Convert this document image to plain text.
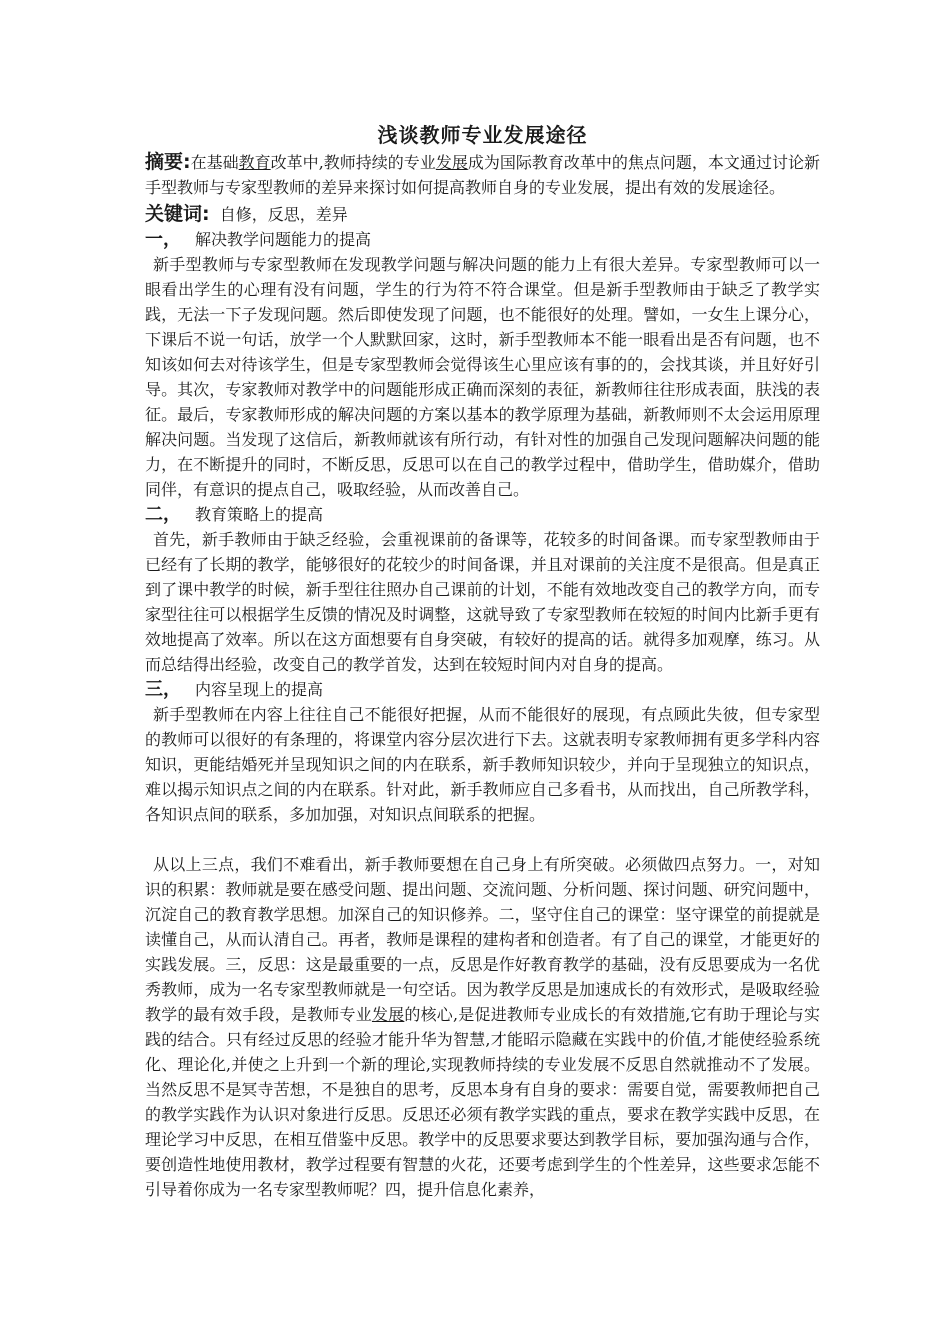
浅谈教师专业发展途径

摘要:在基础教育改革中,教师持续的专业发展成为国际教育改革中的焦点问题，本文通过讨论新手型教师与专家型教师的差异来探讨如何提高教师自身的专业发展，提出有效的发展途径。

关键词: 自修，反思，差异

一， 解决教学问题能力的提高

新手型教师与专家型教师在发现教学问题与解决问题的能力上有很大差异。专家型教师可以一眼看出学生的心理有没有问题，学生的行为符不符合课堂。但是新手型教师由于缺乏了教学实践，无法一下子发现问题。然后即使发现了问题，也不能很好的处理。譬如，一女生上课分心，下课后不说一句话，放学一个人默默回家，这时，新手型教师本不能一眼看出是否有问题，也不知该如何去对待该学生，但是专家型教师会觉得该生心里应该有事的的，会找其谈，并且好好引导。其次，专家教师对教学中的问题能形成正确而深刻的表征，新教师往往形成表面，肤浅的表征。最后，专家教师形成的解决问题的方案以基本的教学原理为基础，新教师则不太会运用原理解决问题。当发现了这信后，新教师就该有所行动，有针对性的加强自己发现问题解决问题的能力，在不断提升的同时，不断反思，反思可以在自己的教学过程中，借助学生，借助媒介，借助同伴，有意识的提点自己，吸取经验，从而改善自己。

二， 教育策略上的提高

首先，新手教师由于缺乏经验，会重视课前的备课等，花较多的时间备课。而专家型教师由于已经有了长期的教学，能够很好的花较少的时间备课，并且对课前的关注度不是很高。但是真正到了课中教学的时候，新手型往往照办自己课前的计划，不能有效地改变自己的教学方向，而专家型往往可以根据学生反馈的情况及时调整，这就导致了专家型教师在较短的时间内比新手更有效地提高了效率。所以在这方面想要有自身突破，有较好的提高的话。就得多加观摩，练习。从而总结得出经验，改变自己的教学首发，达到在较短时间内对自身的提高。

三， 内容呈现上的提高

新手型教师在内容上往往自己不能很好把握，从而不能很好的展现，有点顾此失彼，但专家型的教师可以很好的有条理的，将课堂内容分层次进行下去。这就表明专家教师拥有更多学科内容知识，更能结婚死并呈现知识之间的内在联系，新手教师知识较少，并向于呈现独立的知识点，难以揭示知识点之间的内在联系。针对此，新手教师应自己多看书，从而找出，自己所教学科，各知识点间的联系，多加加强，对知识点间联系的把握。

从以上三点，我们不难看出，新手教师要想在自己身上有所突破。必须做四点努力。一，对知识的积累：教师就是要在感受问题、提出问题、交流问题、分析问题、探讨问题、研究问题中，沉淀自己的教育教学思想。加深自己的知识修养。二，坚守住自己的课堂：坚守课堂的前提就是读懂自己，从而认清自己。再者，教师是课程的建构者和创造者。有了自己的课堂，才能更好的实践发展。三，反思：这是最重要的一点，反思是作好教育教学的基础，没有反思要成为一名优秀教师，成为一名专家型教师就是一句空话。因为教学反思是加速成长的有效形式，是吸取经验教学的最有效手段，是教师专业发展的核心,是促进教师专业成长的有效措施,它有助于理论与实践的结合。只有经过反思的经验才能升华为智慧,才能昭示隐藏在实践中的价值,才能使经验系统化、理论化,并使之上升到一个新的理论,实现教师持续的专业发展不反思自然就推动不了发展。当然反思不是冥寺苦想，不是独自的思考，反思本身有自身的要求：需要自觉，需要教师把自己的教学实践作为认识对象进行反思。反思还必须有教学实践的重点，要求在教学实践中反思，在理论学习中反思，在相互借鉴中反思。教学中的反思要求要达到教学目标，要加强沟通与合作，要创造性地使用教材，教学过程要有智慧的火花，还要考虑到学生的个性差异，这些要求怎能不引导着你成为一名专家型教师呢？四，提升信息化素养，
